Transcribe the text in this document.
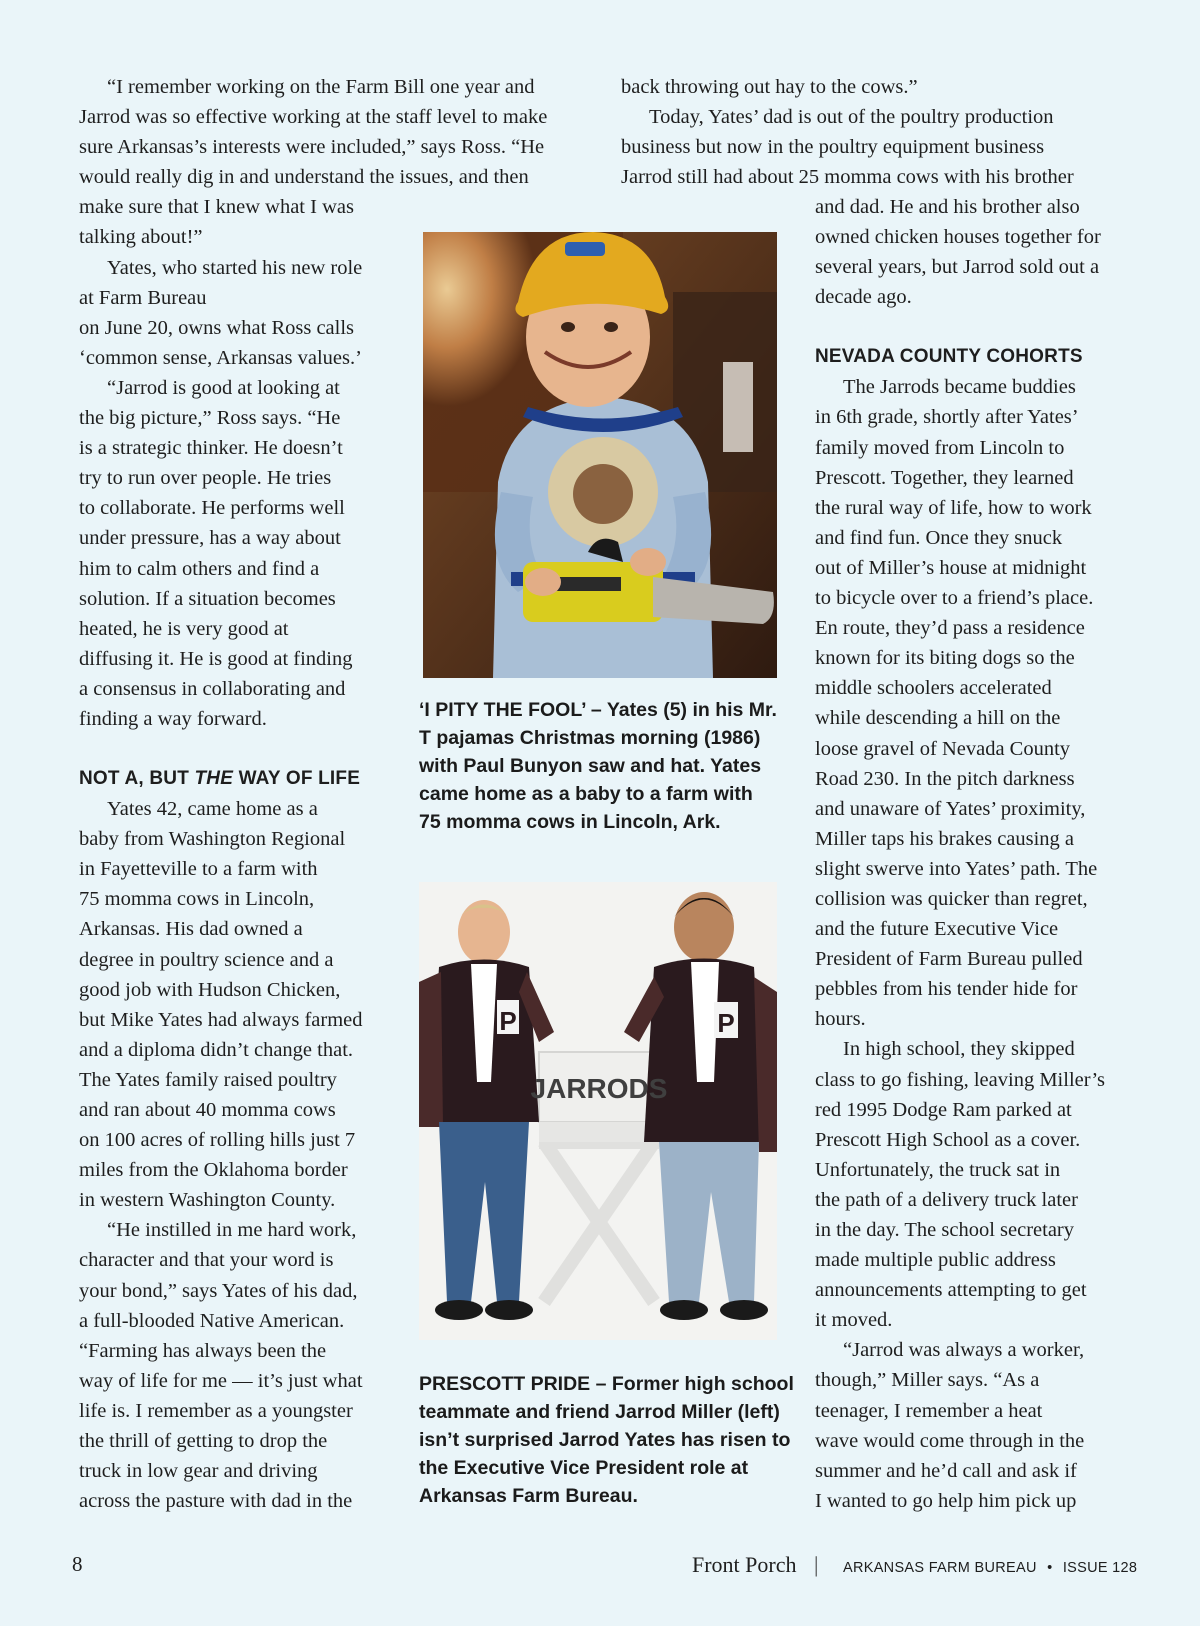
“I remember working on the Farm Bill one year and
Jarrod was so effective working at the staff level to make
sure Arkansas’s interests were included,” says Ross. “He
would really dig in and understand the issues, and then
make sure that I knew what I was
talking about!”

Yates, who started his new role
at Farm Bureau
on June 20, owns what Ross calls
‘common sense, Arkansas values.’

“Jarrod is good at looking at
the big picture,” Ross says. “He
is a strategic thinker. He doesn’t
try to run over people. He tries
to collaborate. He performs well
under pressure, has a way about
him to calm others and find a
solution. If a situation becomes
heated, he is very good at
diffusing it. He is good at finding
a consensus in collaborating and
finding a way forward.

NOT A, BUT THE WAY OF LIFE

Yates 42, came home as a
baby from Washington Regional
in Fayetteville to a farm with
75 momma cows in Lincoln,
Arkansas. His dad owned a
degree in poultry science and a
good job with Hudson Chicken,
but Mike Yates had always farmed
and a diploma didn’t change that.
The Yates family raised poultry
and ran about 40 momma cows
on 100 acres of rolling hills just 7
miles from the Oklahoma border
in western Washington County.

“He instilled in me hard work,
character and that your word is
your bond,” says Yates of his dad,
a full-blooded Native American.
“Farming has always been the
way of life for me — it’s just what
life is. I remember as a youngster
the thrill of getting to drop the
truck in low gear and driving
across the pasture with dad in the

back throwing out hay to the cows.”

Today, Yates’ dad is out of the poultry production
business but now in the poultry equipment business
Jarrod still had about 25 momma cows with his brother

and dad. He and his brother also
owned chicken houses together for
several years, but Jarrod sold out a
decade ago.

NEVADA COUNTY COHORTS

The Jarrods became buddies
in 6th grade, shortly after Yates’
family moved from Lincoln to
Prescott. Together, they learned
the rural way of life, how to work
and find fun. Once they snuck
out of Miller’s house at midnight
to bicycle over to a friend’s place.
En route, they’d pass a residence
known for its biting dogs so the
middle schoolers accelerated
while descending a hill on the
loose gravel of Nevada County
Road 230. In the pitch darkness
and unaware of Yates’ proximity,
Miller taps his brakes causing a
slight swerve into Yates’ path. The
collision was quicker than regret,
and the future Executive Vice
President of Farm Bureau pulled
pebbles from his tender hide for
hours.

In high school, they skipped
class to go fishing, leaving Miller’s
red 1995 Dodge Ram parked at
Prescott High School as a cover.
Unfortunately, the truck sat in
the path of a delivery truck later
in the day. The school secretary
made multiple public address
announcements attempting to get
it moved.

“Jarrod was always a worker,
though,” Miller says. “As a
teenager, I remember a heat
wave would come through in the
summer and he’d call and ask if
I wanted to go help him pick up

‘I PITY THE FOOL’ – Yates (5) in his Mr.
T pajamas Christmas morning (1986)
with Paul Bunyon saw and hat. Yates
came home as a baby to a farm with
75 momma cows in Lincoln, Ark.
P	P
JARRODS
PRESCOTT PRIDE – Former high school
teammate and friend Jarrod Miller (left)
isn’t surprised Jarrod Yates has risen to
the Executive Vice President role at
Arkansas Farm Bureau.
8	Front Porch | ARKANSAS FARM BUREAU • ISSUE 128
